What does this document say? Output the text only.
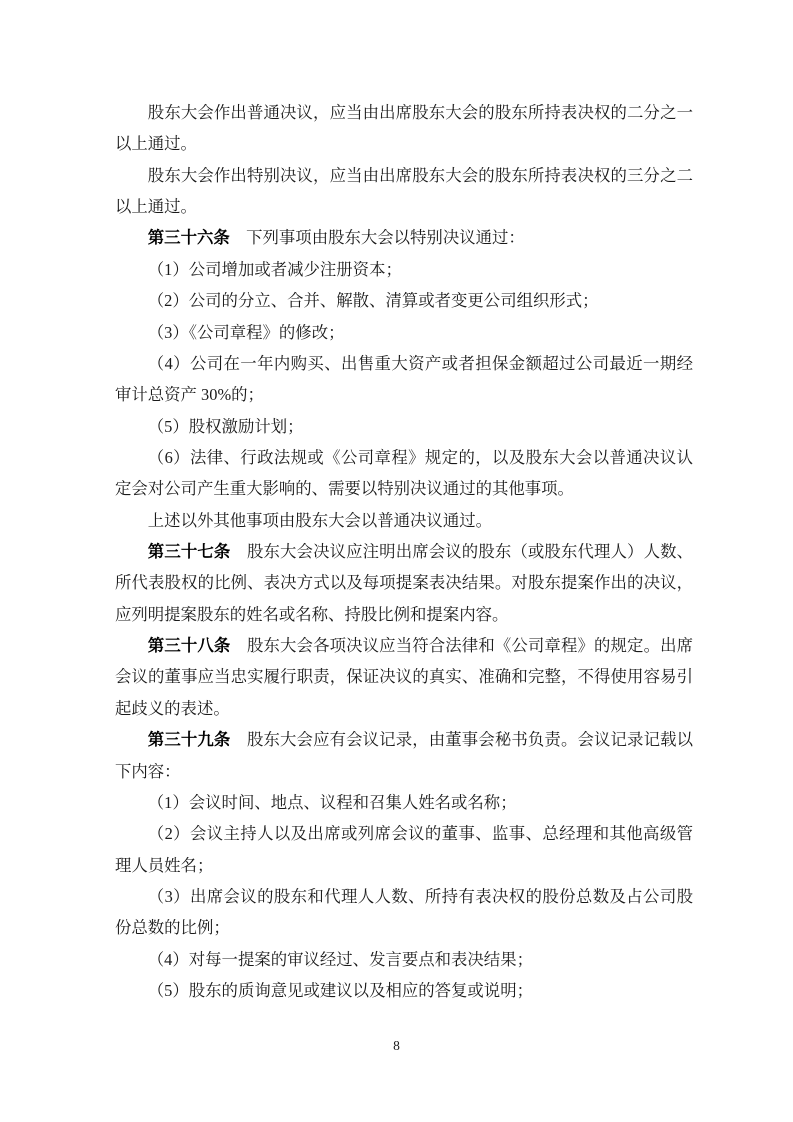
股东大会作出普通决议，应当由出席股东大会的股东所持表决权的二分之一以上通过。

股东大会作出特别决议，应当由出席股东大会的股东所持表决权的三分之二以上通过。

第三十六条　下列事项由股东大会以特别决议通过：

（1）公司增加或者减少注册资本；

（2）公司的分立、合并、解散、清算或者变更公司组织形式；

（3）《公司章程》的修改；

（4）公司在一年内购买、出售重大资产或者担保金额超过公司最近一期经审计总资产 30%的；

（5）股权激励计划；

（6）法律、行政法规或《公司章程》规定的，以及股东大会以普通决议认定会对公司产生重大影响的、需要以特别决议通过的其他事项。

上述以外其他事项由股东大会以普通决议通过。

第三十七条　股东大会决议应注明出席会议的股东（或股东代理人）人数、所代表股权的比例、表决方式以及每项提案表决结果。对股东提案作出的决议，应列明提案股东的姓名或名称、持股比例和提案内容。

第三十八条　股东大会各项决议应当符合法律和《公司章程》的规定。出席会议的董事应当忠实履行职责，保证决议的真实、准确和完整，不得使用容易引起歧义的表述。

第三十九条　股东大会应有会议记录，由董事会秘书负责。会议记录记载以下内容：

（1）会议时间、地点、议程和召集人姓名或名称；

（2）会议主持人以及出席或列席会议的董事、监事、总经理和其他高级管理人员姓名；

（3）出席会议的股东和代理人人数、所持有表决权的股份总数及占公司股份总数的比例；

（4）对每一提案的审议经过、发言要点和表决结果；

（5）股东的质询意见或建议以及相应的答复或说明；

8
